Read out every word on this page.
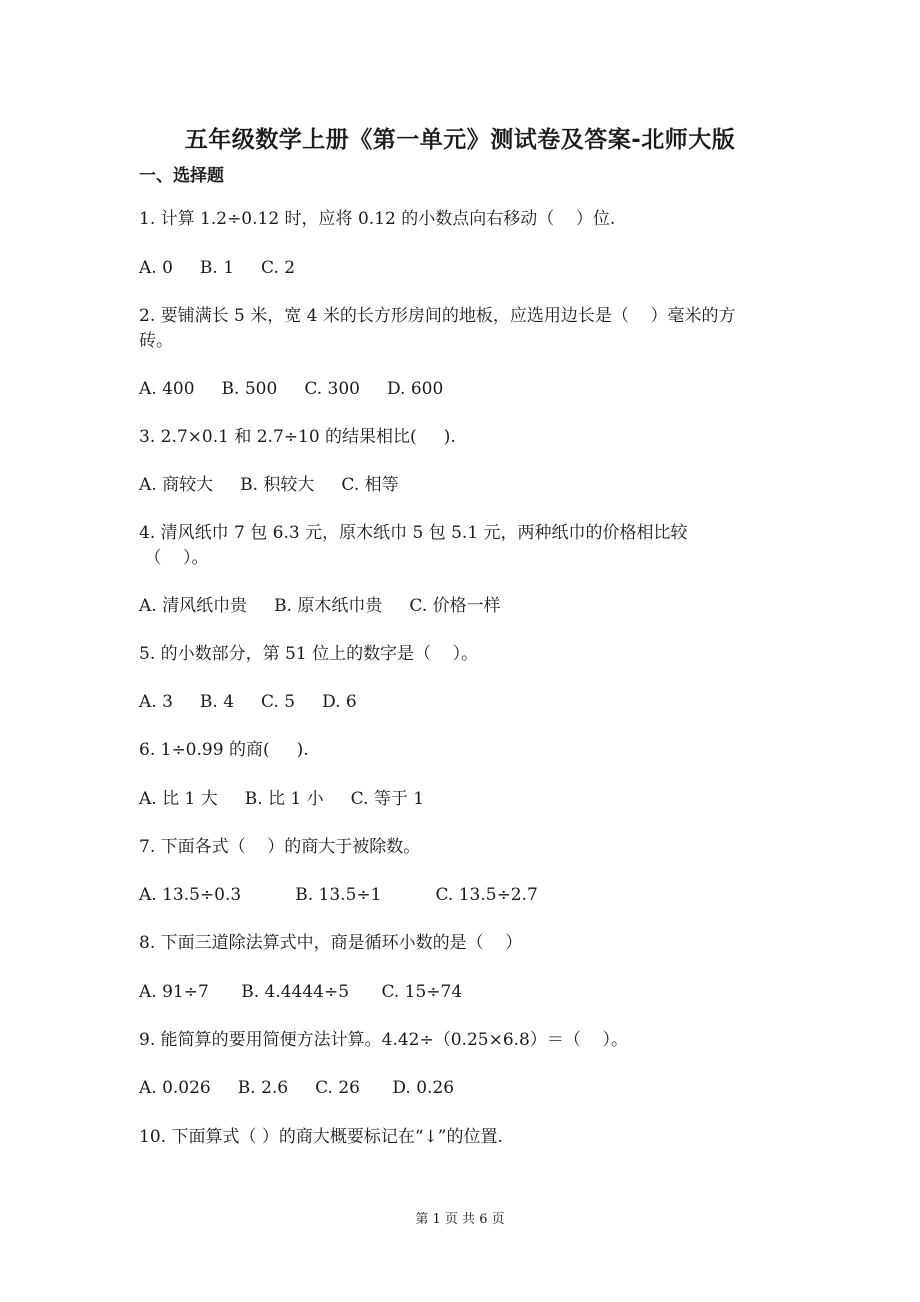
五年级数学上册《第一单元》测试卷及答案-北师大版
一、选择题
1. 计算 1.2÷0.12 时，应将 0.12 的小数点向右移动（    ）位.
A. 0     B. 1     C. 2
2. 要铺满长 5 米，宽 4 米的长方形房间的地板，应选用边长是（    ）毫米的方
砖。
A. 400     B. 500     C. 300     D. 600
3. 2.7×0.1 和 2.7÷10 的结果相比(     ).
A. 商较大     B. 积较大     C. 相等
4. 清风纸巾 7 包 6.3 元，原木纸巾 5 包 5.1 元，两种纸巾的价格相比较
（    ）。
A. 清风纸巾贵     B. 原木纸巾贵     C. 价格一样
5. 的小数部分，第 51 位上的数字是（    ）。
A. 3     B. 4     C. 5     D. 6
6. 1÷0.99 的商(     ).
A. 比 1 大     B. 比 1 小     C. 等于 1
7. 下面各式（    ）的商大于被除数。
A. 13.5÷0.3          B. 13.5÷1          C. 13.5÷2.7
8. 下面三道除法算式中，商是循环小数的是（    ）
A. 91÷7      B. 4.4444÷5      C. 15÷74
9. 能简算的要用简便方法计算。4.42÷（0.25×6.8）＝（    ）。
A. 0.026     B. 2.6     C. 26      D. 0.26
10. 下面算式（ ）的商大概要标记在“↓”的位置.
第 1 页 共 6 页
